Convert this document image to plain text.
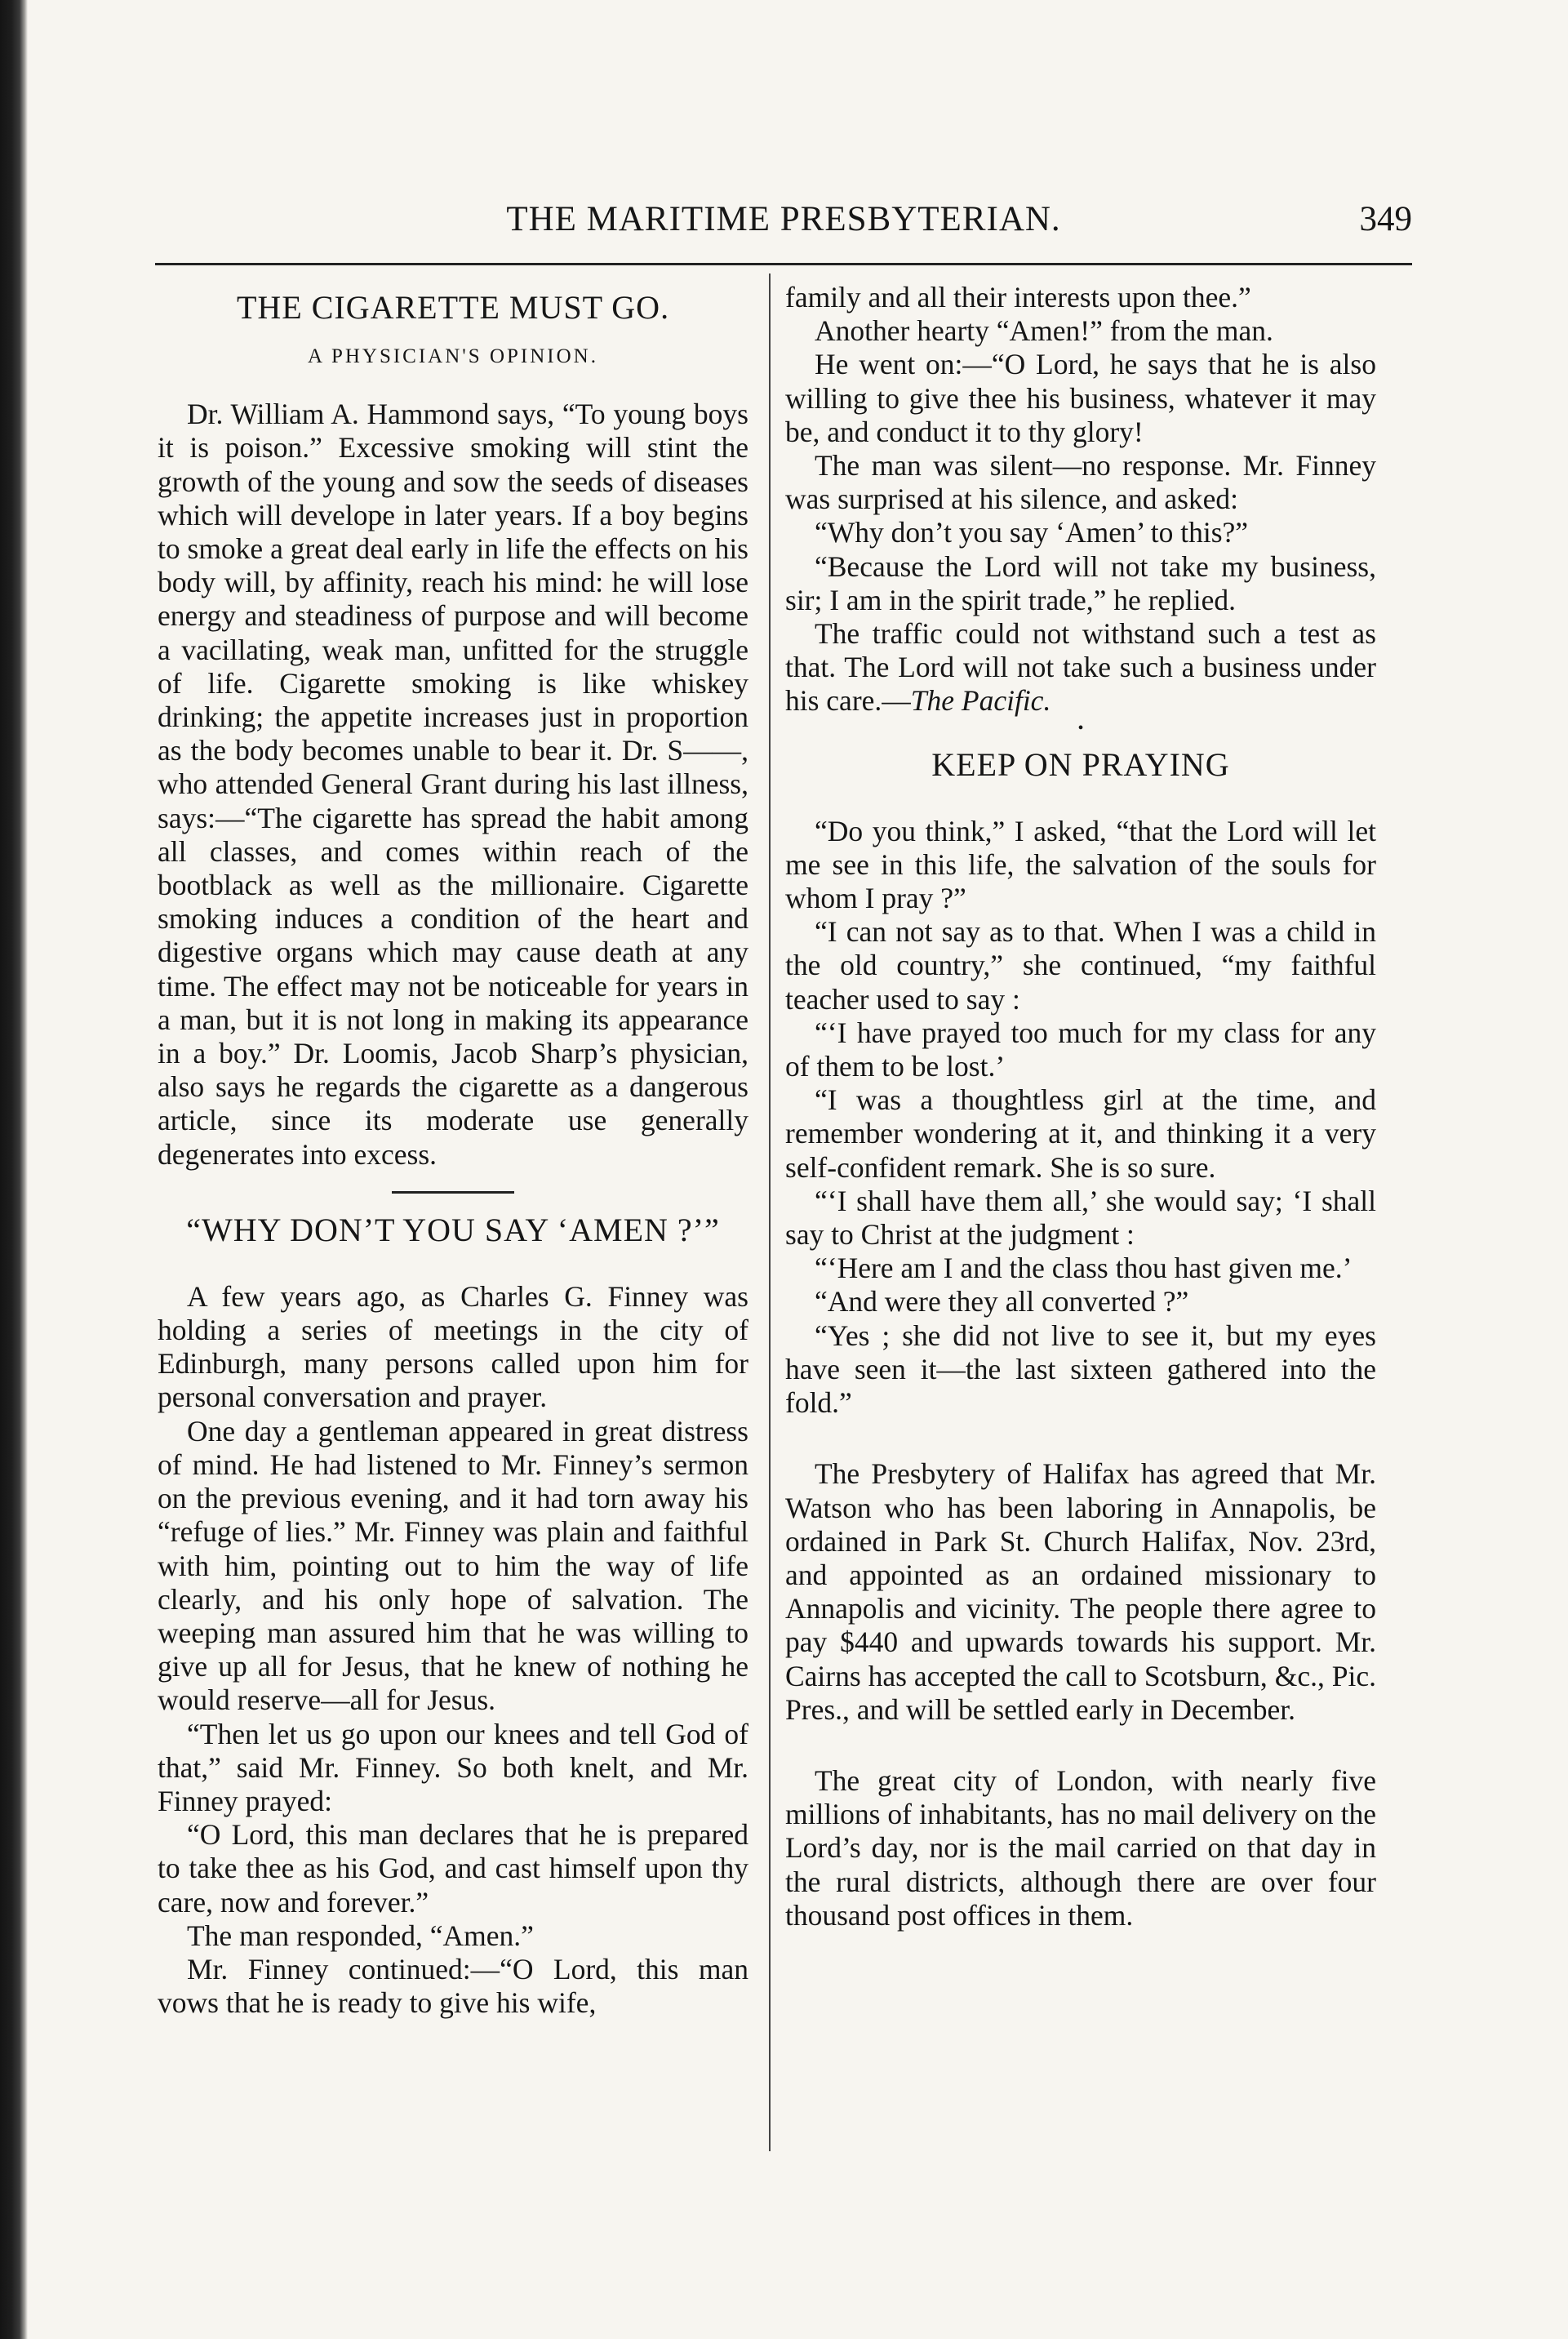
THE MARITIME PRESBYTERIAN.	349
THE CIGARETTE MUST GO.
A PHYSICIAN'S OPINION.

Dr. William A. Hammond says, “To young boys it is poison.” Excessive smoking will stint the growth of the young and sow the seeds of diseases which will develope in later years. If a boy begins to smoke a great deal early in life the effects on his body will, by affinity, reach his mind: he will lose energy and steadiness of purpose and will become a vacillating, weak man, unfitted for the struggle of life. Cigarette smoking is like whiskey drinking; the appetite increases just in proportion as the body becomes unable to bear it. Dr. S——, who attended General Grant during his last illness, says:—“The cigarette has spread the habit among all classes, and comes within reach of the bootblack as well as the millionaire. Cigarette smoking induces a condition of the heart and digestive organs which may cause death at any time. The effect may not be noticeable for years in a man, but it is not long in making its appearance in a boy.” Dr. Loomis, Jacob Sharp’s physician, also says he regards the cigarette as a dangerous article, since its moderate use generally degenerates into excess.

“WHY DON’T YOU SAY ‘AMEN ?’”

A few years ago, as Charles G. Finney was holding a series of meetings in the city of Edinburgh, many persons called upon him for personal conversation and prayer.

One day a gentleman appeared in great distress of mind. He had listened to Mr. Finney’s sermon on the previous evening, and it had torn away his “refuge of lies.” Mr. Finney was plain and faithful with him, pointing out to him the way of life clearly, and his only hope of salvation. The weeping man assured him that he was willing to give up all for Jesus, that he knew of nothing he would reserve—all for Jesus.

“Then let us go upon our knees and tell God of that,” said Mr. Finney. So both knelt, and Mr. Finney prayed:

“O Lord, this man declares that he is prepared to take thee as his God, and cast himself upon thy care, now and forever.”

The man responded, “Amen.”

Mr. Finney continued:—“O Lord, this man vows that he is ready to give his wife,

family and all their interests upon thee.”

Another hearty “Amen!” from the man.

He went on:—“O Lord, he says that he is also willing to give thee his business, whatever it may be, and conduct it to thy glory!

The man was silent—no response. Mr. Finney was surprised at his silence, and asked:

“Why don’t you say ‘Amen’ to this?”

“Because the Lord will not take my business, sir; I am in the spirit trade,” he replied.

The traffic could not withstand such a test as that. The Lord will not take such a business under his care.—The Pacific.

•
KEEP ON PRAYING

“Do you think,” I asked, “that the Lord will let me see in this life, the salvation of the souls for whom I pray ?”

“I can not say as to that. When I was a child in the old country,” she continued, “my faithful teacher used to say :

“‘I have prayed too much for my class for any of them to be lost.’

“I was a thoughtless girl at the time, and remember wondering at it, and thinking it a very self-confident remark. She is so sure.

“‘I shall have them all,’ she would say; ‘I shall say to Christ at the judgment :

“‘Here am I and the class thou hast given me.’

“And were they all converted ?”

“Yes ; she did not live to see it, but my eyes have seen it—the last sixteen gathered into the fold.”

The Presbytery of Halifax has agreed that Mr. Watson who has been laboring in Annapolis, be ordained in Park St. Church Halifax, Nov. 23rd, and appointed as an ordained missionary to Annapolis and vicinity. The people there agree to pay $440 and upwards towards his support. Mr. Cairns has accepted the call to Scotsburn, &c., Pic. Pres., and will be settled early in December.

The great city of London, with nearly five millions of inhabitants, has no mail delivery on the Lord’s day, nor is the mail carried on that day in the rural districts, although there are over four thousand post offices in them.
